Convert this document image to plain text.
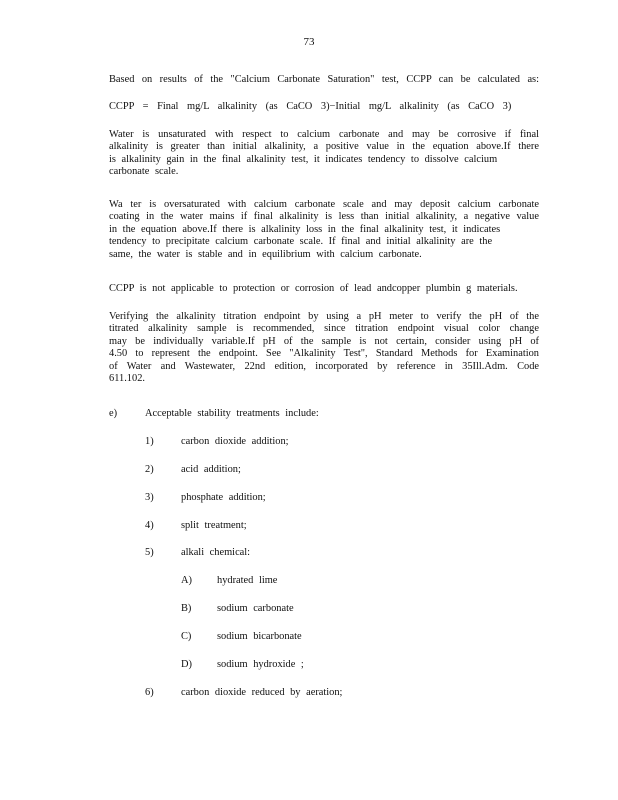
73
Based on results of the "Calcium Carbonate Saturation" test, CCPP can be calculated as:
CCPP = Final mg/L alkalinity (as CaCO 3)−Initial mg/L alkalinity (as CaCO 3)
Water is unsaturated with respect to calcium carbonate and may be corrosive if final
alkalinity is greater than initial alkalinity, a positive value in the equation above.If there
is alkalinity gain in the final alkalinity test, it indicates tendency to dissolve calcium
carbonate scale.
Wa ter is oversaturated with calcium carbonate scale and may deposit calcium carbonate
coating in the water mains if final alkalinity is less than initial alkalinity, a negative value
in the equation above.If there is alkalinity loss in the final alkalinity test, it indicates
tendency to precipitate calcium carbonate scale. If final and initial alkalinity are the
same, the water is stable and in equilibrium with calcium carbonate.
CCPP is not applicable to protection or corrosion of lead andcopper plumbin g materials.
Verifying the alkalinity titration endpoint by using a pH meter to verify the pH of the
titrated alkalinity sample is recommended, since titration endpoint visual color change
may be individually variable.If pH of the sample is not certain, consider using pH of
4.50 to represent the endpoint. See "Alkalinity Test", Standard Methods for Examination
of Water and Wastewater, 22nd edition, incorporated by reference in 35Ill.Adm. Code
611.102.
e)	Acceptable stability treatments include:
1)	carbon dioxide addition;
2)	acid addition;
3)	phosphate addition;
4)	split treatment;
5)	alkali chemical:
A) hydrated lime
B) sodium carbonate
C) sodium bicarbonate
D) sodium hydroxide ;
6)	carbon dioxide reduced by aeration;
